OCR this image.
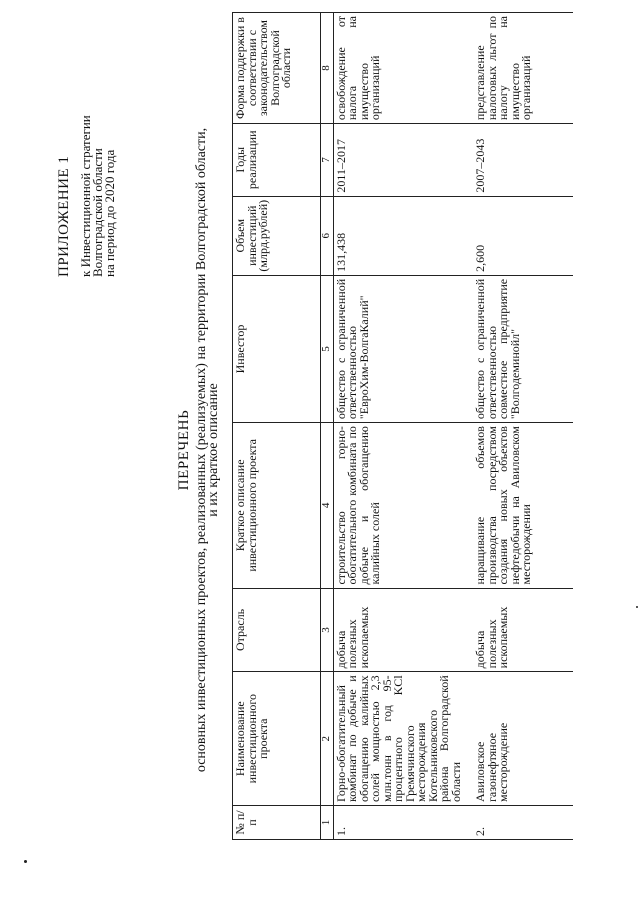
ПРИЛОЖЕНИЕ 1 к Инвестиционной стратегии
Волгоградской области
на период до 2020 года
ПЕРЕЧЕНЬ основных инвестиционных проектов, реализованных (реализуемых) на территории Волгоградской области,
и их краткое описание
№ п/п	Наименование инвестиционного проекта	Отрасль	Краткое описание инвестиционного проекта	Инвестор	Объем инвестиций (млрд.рублей)	Годы реализации	Форма поддержки в соответствии с законодательством Волгоградской области
1	2	3	4	5	6	7	8
1.	Горно-обогатительный комбинат по добыче и обогащению калийных солей мощностью 2,3 млн.тонн в год 95-процентного KCl Гремячинского месторождения Котельниковского района Волгоградской области	добыча полезных ископаемых	строительство горно-обогатительного комбината по добыче и обогащению калийных солей	общество с ограниченной ответственностью "ЕвроХим-ВолгаКалий"	131,438	2011–2017	освобождение от налога на имущество организаций
2.	Авиловское газонефтяное месторождение	добыча полезных ископаемых	наращивание объемов производства посредством создания новых объектов нефтедобычи на Авиловском месторождении	общество с ограниченной ответственностью совместное предприятие "Волгодеминойл"	2,600	2007–2043	представление налоговых льгот по налогу на имущество организаций
